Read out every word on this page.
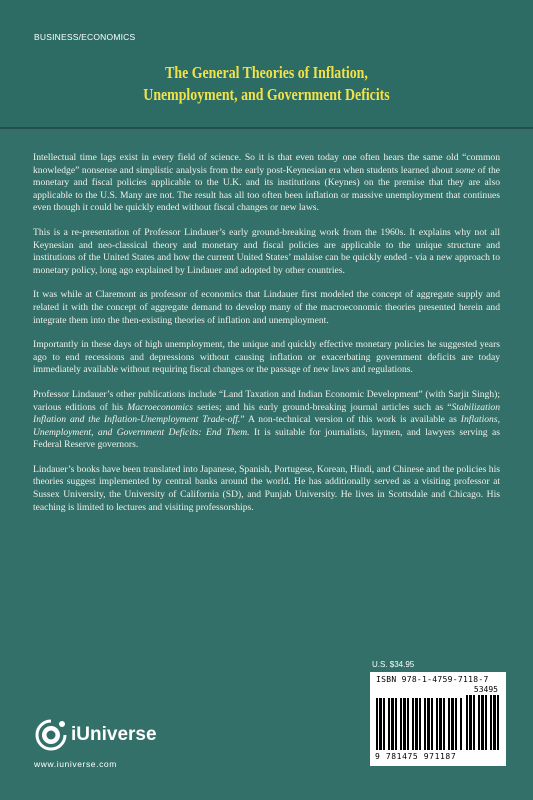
BUSINESS/ECONOMICS
The General Theories of Inflation,
Unemployment, and Government Deficits

Intellectual time lags exist in every field of science. So it is that even today one often hears the same old “common knowledge” nonsense and simplistic analysis from the early post-Keynesian era when students learned about some of the monetary and fiscal policies applicable to the U.K. and its institutions (Keynes) on the premise that they are also applicable to the U.S. Many are not. The result has all too often been inflation or massive unemployment that continues even though it could be quickly ended without fiscal changes or new laws.

This is a re-presentation of Professor Lindauer’s early ground-breaking work from the 1960s. It explains why not all Keynesian and neo-classical theory and monetary and fiscal policies are applicable to the unique structure and institutions of the United States and how the current United States’ malaise can be quickly ended - via a new approach to monetary policy, long ago explained by Lindauer and adopted by other countries.

It was while at Claremont as professor of economics that Lindauer first modeled the concept of aggregate supply and related it with the concept of aggregate demand to develop many of the macroeconomic theories presented herein and integrate them into the then-existing theories of inflation and unemployment.

Importantly in these days of high unemployment, the unique and quickly effective monetary policies he suggested years ago to end recessions and depressions without causing inflation or exacerbating government deficits are today immediately available without requiring fiscal changes or the passage of new laws and regulations.

Professor Lindauer’s other publications include “Land Taxation and Indian Economic Development” (with Sarjit Singh); various editions of his Macroeconomics series; and his early ground-breaking journal articles such as “Stabilization Inflation and the Inflation-Unemployment Trade-off.” A non-technical version of this work is available as Inflations, Unemployment, and Government Deficits: End Them. It is suitable for journalists, laymen, and lawyers serving as Federal Reserve governors.

Lindauer’s books have been translated into Japanese, Spanish, Portugese, Korean, Hindi, and Chinese and the policies his theories suggest implemented by central banks around the world. He has additionally served as a visiting professor at Sussex University, the University of California (SD), and Punjab University. He lives in Scottsdale and Chicago. His teaching is limited to lectures and visiting professorships.

U.S. $34.95
ISBN 978-1-4759-7118-7
53495
9 781475 971187
iUniverse
www.iuniverse.com
